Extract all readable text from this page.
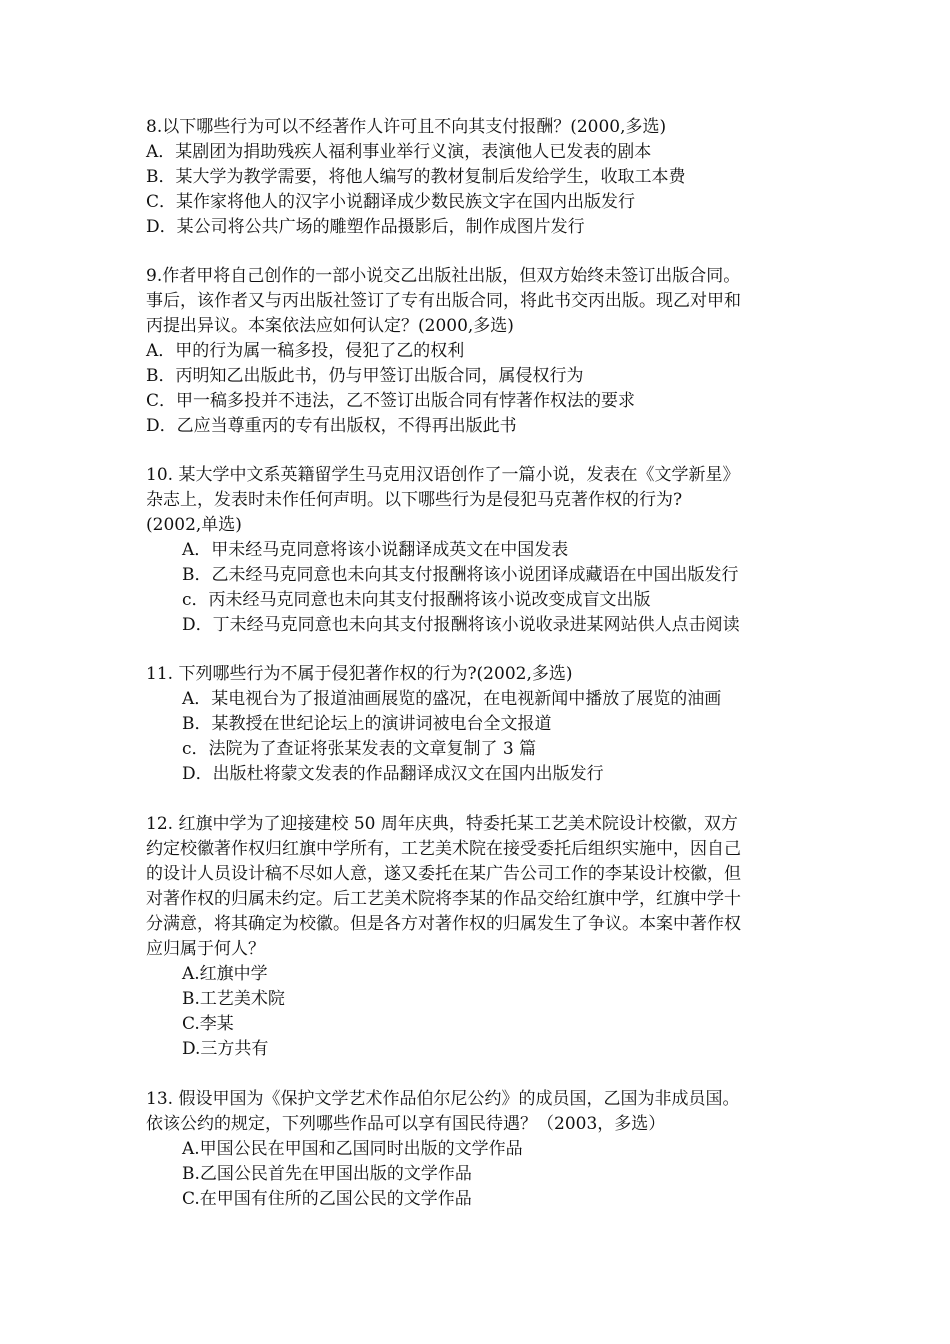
8.以下哪些行为可以不经著作人许可且不向其支付报酬？(2000,多选)
A．某剧团为捐助残疾人福利事业举行义演，表演他人已发表的剧本
B．某大学为教学需要，将他人编写的教材复制后发给学生，收取工本费
C．某作家将他人的汉字小说翻译成少数民族文字在国内出版发行
D．某公司将公共广场的雕塑作品摄影后，制作成图片发行
9.作者甲将自己创作的一部小说交乙出版社出版，但双方始终未签订出版合同。
事后，该作者又与丙出版社签订了专有出版合同，将此书交丙出版。现乙对甲和
丙提出异议。本案依法应如何认定？(2000,多选)
A．甲的行为属一稿多投，侵犯了乙的权利
B．丙明知乙出版此书，仍与甲签订出版合同，属侵权行为
C．甲一稿多投并不违法，乙不签订出版合同有悖著作权法的要求
D．乙应当尊重丙的专有出版权，不得再出版此书
10. 某大学中文系英籍留学生马克用汉语创作了一篇小说，发表在《文学新星》
杂志上，发表时未作任何声明。以下哪些行为是侵犯马克著作权的行为?
(2002,单选)
A．甲未经马克同意将该小说翻译成英文在中国发表
B．乙未经马克同意也未向其支付报酬将该小说团译成藏语在中国出版发行
c．丙未经马克同意也未向其支付报酬将该小说改变成盲文出版
D．丁未经马克同意也未向其支付报酬将该小说收录进某网站供人点击阅读
11. 下列哪些行为不属于侵犯著作权的行为?(2002,多选)
A．某电视台为了报道油画展览的盛况，在电视新闻中播放了展览的油画
B．某教授在世纪论坛上的演讲词被电台全文报道
c．法院为了查证将张某发表的文章复制了 3 篇
D．出版杜将蒙文发表的作品翻译成汉文在国内出版发行
12. 红旗中学为了迎接建校 50 周年庆典，特委托某工艺美术院设计校徽，双方
约定校徽著作权归红旗中学所有，工艺美术院在接受委托后组织实施中，因自己
的设计人员设计稿不尽如人意，遂又委托在某广告公司工作的李某设计校徽，但
对著作权的归属未约定。后工艺美术院将李某的作品交给红旗中学，红旗中学十
分满意，将其确定为校徽。但是各方对著作权的归属发生了争议。本案中著作权
应归属于何人？
A.红旗中学
B.工艺美术院
C.李某
D.三方共有
13. 假设甲国为《保护文学艺术作品伯尔尼公约》的成员国，乙国为非成员国。
依该公约的规定，下列哪些作品可以享有国民待遇？（2003，多选）
A.甲国公民在甲国和乙国同时出版的文学作品
B.乙国公民首先在甲国出版的文学作品
C.在甲国有住所的乙国公民的文学作品
